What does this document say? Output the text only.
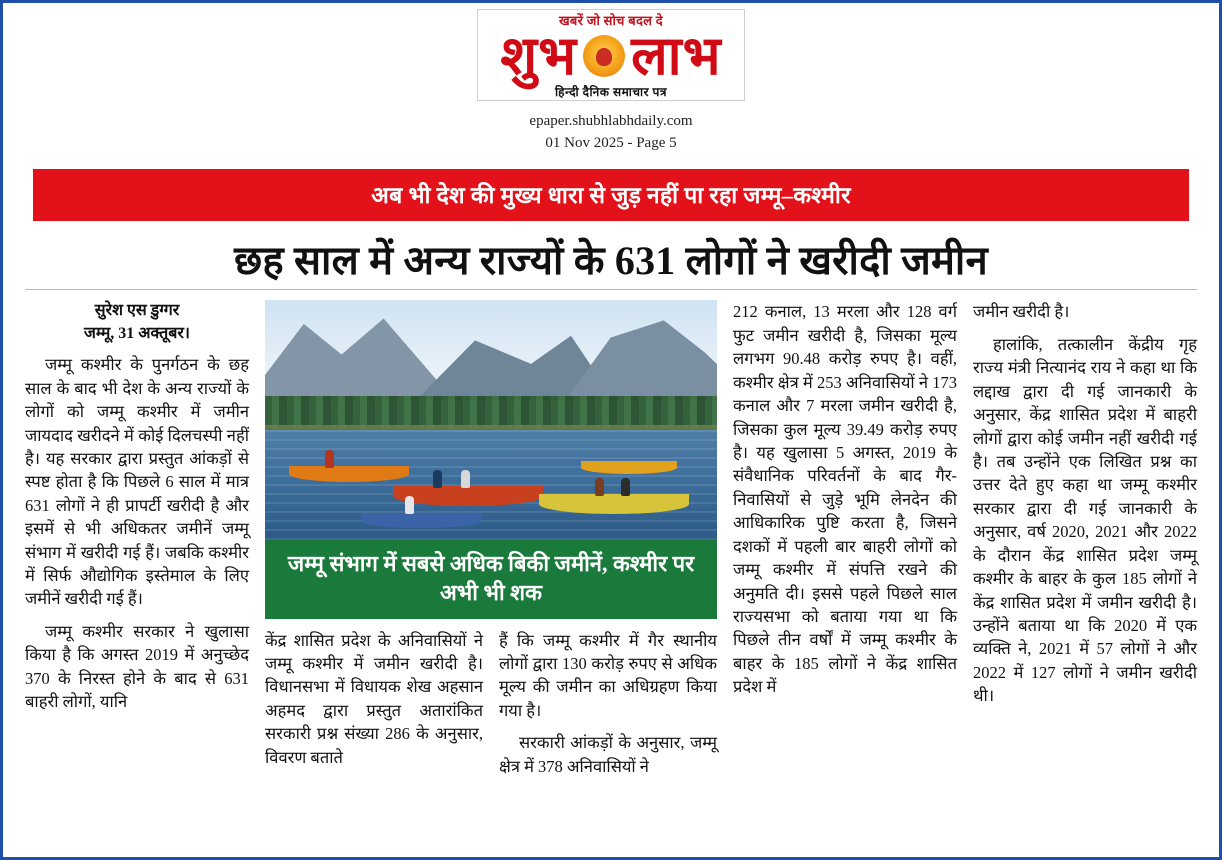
खबरें जो सोच बदल दे
शुभ लाभ
हिन्दी दैनिक समाचार पत्र
epaper.shubhlabhdaily.com
01 Nov 2025 - Page 5
अब भी देश की मुख्य धारा से जुड़ नहीं पा रहा जम्मू–कश्मीर
छह साल में अन्य राज्यों के 631 लोगों ने खरीदी जमीन
सुरेश एस डुग्गर
जम्मू, 31 अक्तूबर।

जम्मू कश्मीर के पुनर्गठन के छह साल के बाद भी देश के अन्य राज्यों के लोगों को जम्मू कश्मीर में जमीन जायदाद खरीदने में कोई दिलचस्पी नहीं है। यह सरकार द्वारा प्रस्तुत आंकड़ों से स्पष्ट होता है कि पिछले 6 साल में मात्र 631 लोगों ने ही प्रापर्टी खरीदी है और इसमें से भी अधिकतर जमीनें जम्मू संभाग में खरीदी गई हैं। जबकि कश्मीर में सिर्फ औद्योगिक इस्तेमाल के लिए जमीनें खरीदी गई हैं।

जम्मू कश्मीर सरकार ने खुलासा किया है कि अगस्त 2019 में अनुच्छेद 370 के निरस्त होने के बाद से 631 बाहरी लोगों, यानि

जम्मू संभाग में सबसे अधिक बिकी जमीनें, कश्मीर पर अभी भी शक

केंद्र शासित प्रदेश के अनिवासियों ने जम्मू कश्मीर में जमीन खरीदी है। विधानसभा में विधायक शेख अहसान अहमद द्वारा प्रस्तुत अतारांकित सरकारी प्रश्न संख्या 286 के अनुसार, विवरण बताते

हैं कि जम्मू कश्मीर में गैर स्थानीय लोगों द्वारा 130 करोड़ रुपए से अधिक मूल्य की जमीन का अधिग्रहण किया गया है।

सरकारी आंकड़ों के अनुसार, जम्मू क्षेत्र में 378 अनिवासियों ने

212 कनाल, 13 मरला और 128 वर्ग फुट जमीन खरीदी है, जिसका मूल्य लगभग 90.48 करोड़ रुपए है। वहीं, कश्मीर क्षेत्र में 253 अनिवासियों ने 173 कनाल और 7 मरला जमीन खरीदी है, जिसका कुल मूल्य 39.49 करोड़ रुपए है। यह खुलासा 5 अगस्त, 2019 के संवैधानिक परिवर्तनों के बाद गैर-निवासियों से जुड़े भूमि लेनदेन की आधिकारिक पुष्टि करता है, जिसने दशकों में पहली बार बाहरी लोगों को जम्मू कश्मीर में संपत्ति रखने की अनुमति दी। इससे पहले पिछले साल राज्यसभा को बताया गया था कि पिछले तीन वर्षों में जम्मू कश्मीर के बाहर के 185 लोगों ने केंद्र शासित प्रदेश में

जमीन खरीदी है।

हालांकि, तत्कालीन केंद्रीय गृह राज्य मंत्री नित्यानंद राय ने कहा था कि लद्दाख द्वारा दी गई जानकारी के अनुसार, केंद्र शासित प्रदेश में बाहरी लोगों द्वारा कोई जमीन नहीं खरीदी गई है। तब उन्होंने एक लिखित प्रश्न का उत्तर देते हुए कहा था जम्मू कश्मीर सरकार द्वारा दी गई जानकारी के अनुसार, वर्ष 2020, 2021 और 2022 के दौरान केंद्र शासित प्रदेश जम्मू कश्मीर के बाहर के कुल 185 लोगों ने केंद्र शासित प्रदेश में जमीन खरीदी है। उन्होंने बताया था कि 2020 में एक व्यक्ति ने, 2021 में 57 लोगों ने और 2022 में 127 लोगों ने जमीन खरीदी थी।
